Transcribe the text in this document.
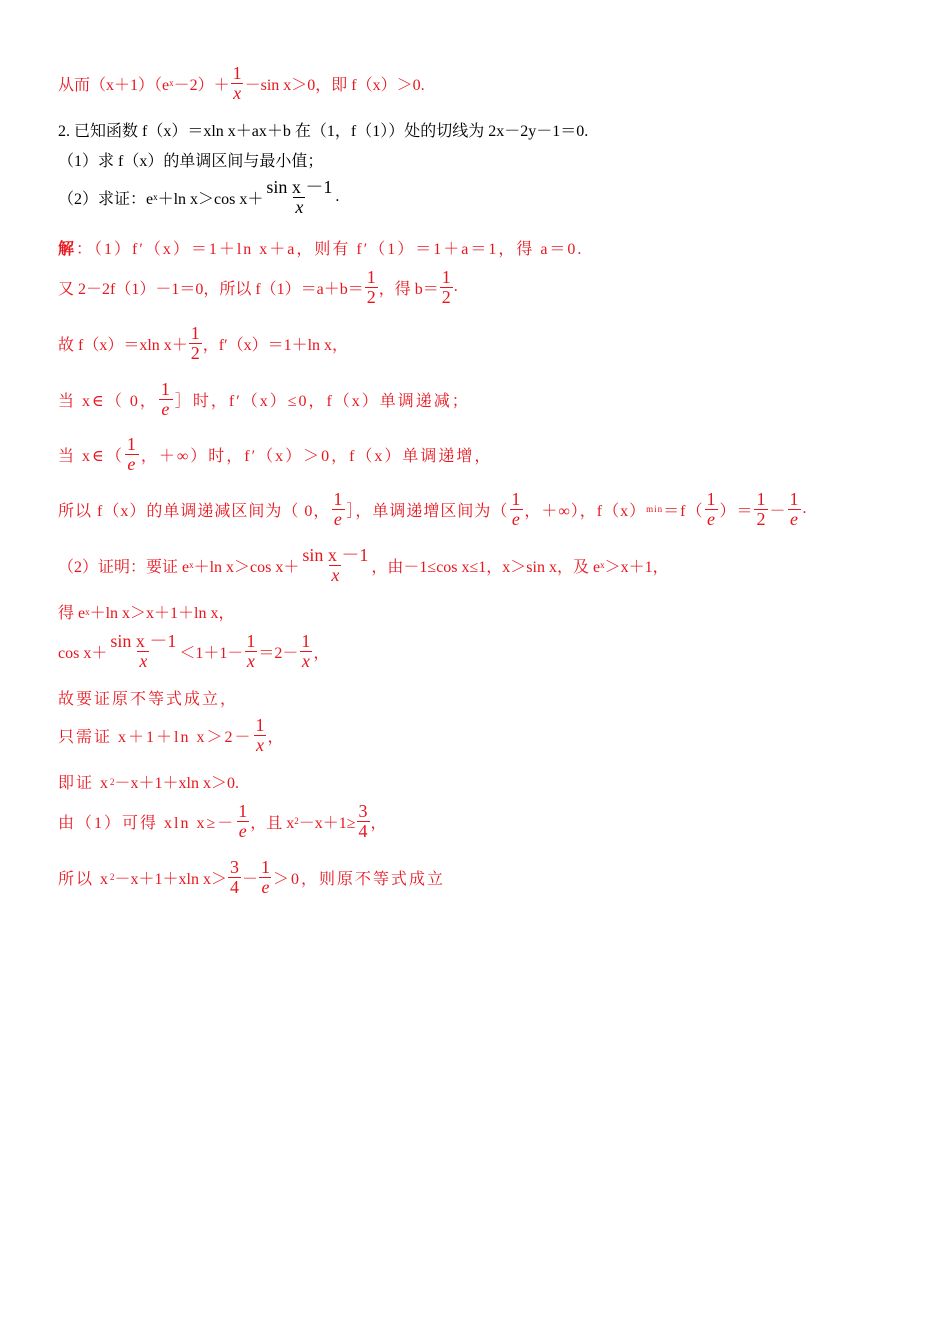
从而（x＋1）（e $x -2)+ \frac{1}{x} -\sin$ x＞0，即 f（x）＞0.
2. 已知函数 f（x）＝xln x＋ax＋b 在（1，f（1））处的切线为 2x－2y－1＝0.
（1）求 f（x）的单调区间与最小值；
（2）求证：e x ＋ln x＞cos $x+ \frac{\text{sin x －1}}{x}$ .
解 ：（1）f′（x）＝1＋ln x＋a，则有 f′（1）＝1＋a＝1，得 a＝0.
又 2－2f（1）－1＝0，所以 $f(1)=a+b= \frac{1}{2}$ ，得 $b= \frac{1}{2}$ .
故 f（x）＝xln $x+ \frac{1}{2}$ ，f′（x）＝1＋ln x，
当 x∈（ 0， $\frac{1}{e}$ ］时，f′（x）≤0，f（x）单调递减；
当 x∈（ $\frac{1}{e}$ ，＋∞）时，f′（x）＞0，f（x）单调递增，
所以 f（x）的单调递减区间为（ 0， $\frac{1}{e}$ ］，单调递增区间为（ $\frac{1}{e}$ ，＋∞），f（x） $\min =f( \frac{1}{e}$ ）＝ $\frac{1}{2} - \frac{1}{e}$ .
（2）证明：要证 e x ＋ln x＞cos $x+ \frac{\text{sin x －1}}{x}$ ，由－1≤cos x≤1，x＞sin x，及 e x ＞x＋1，
得 e x ＋ln x＞x＋1＋ln x，
$\cos x+ \frac{\text{sin x －1}}{x} <1+1- \frac{1}{x} =2- \frac{1}{x}$ ，
故要证原不等式成立，
只需证 x＋1＋ln $x>2- \frac{1}{x}$ ，
即证 x 2 －x＋1＋xln x＞0.
由（1）可得 xln $x\ge- \frac{1}{e}$ ，且 x $2 -x+1\ge \frac{3}{4}$ ，
所以 x 2 －x＋1＋xln $x> \frac{3}{4} - \frac{1}{e} >0$，则原不等式成立
